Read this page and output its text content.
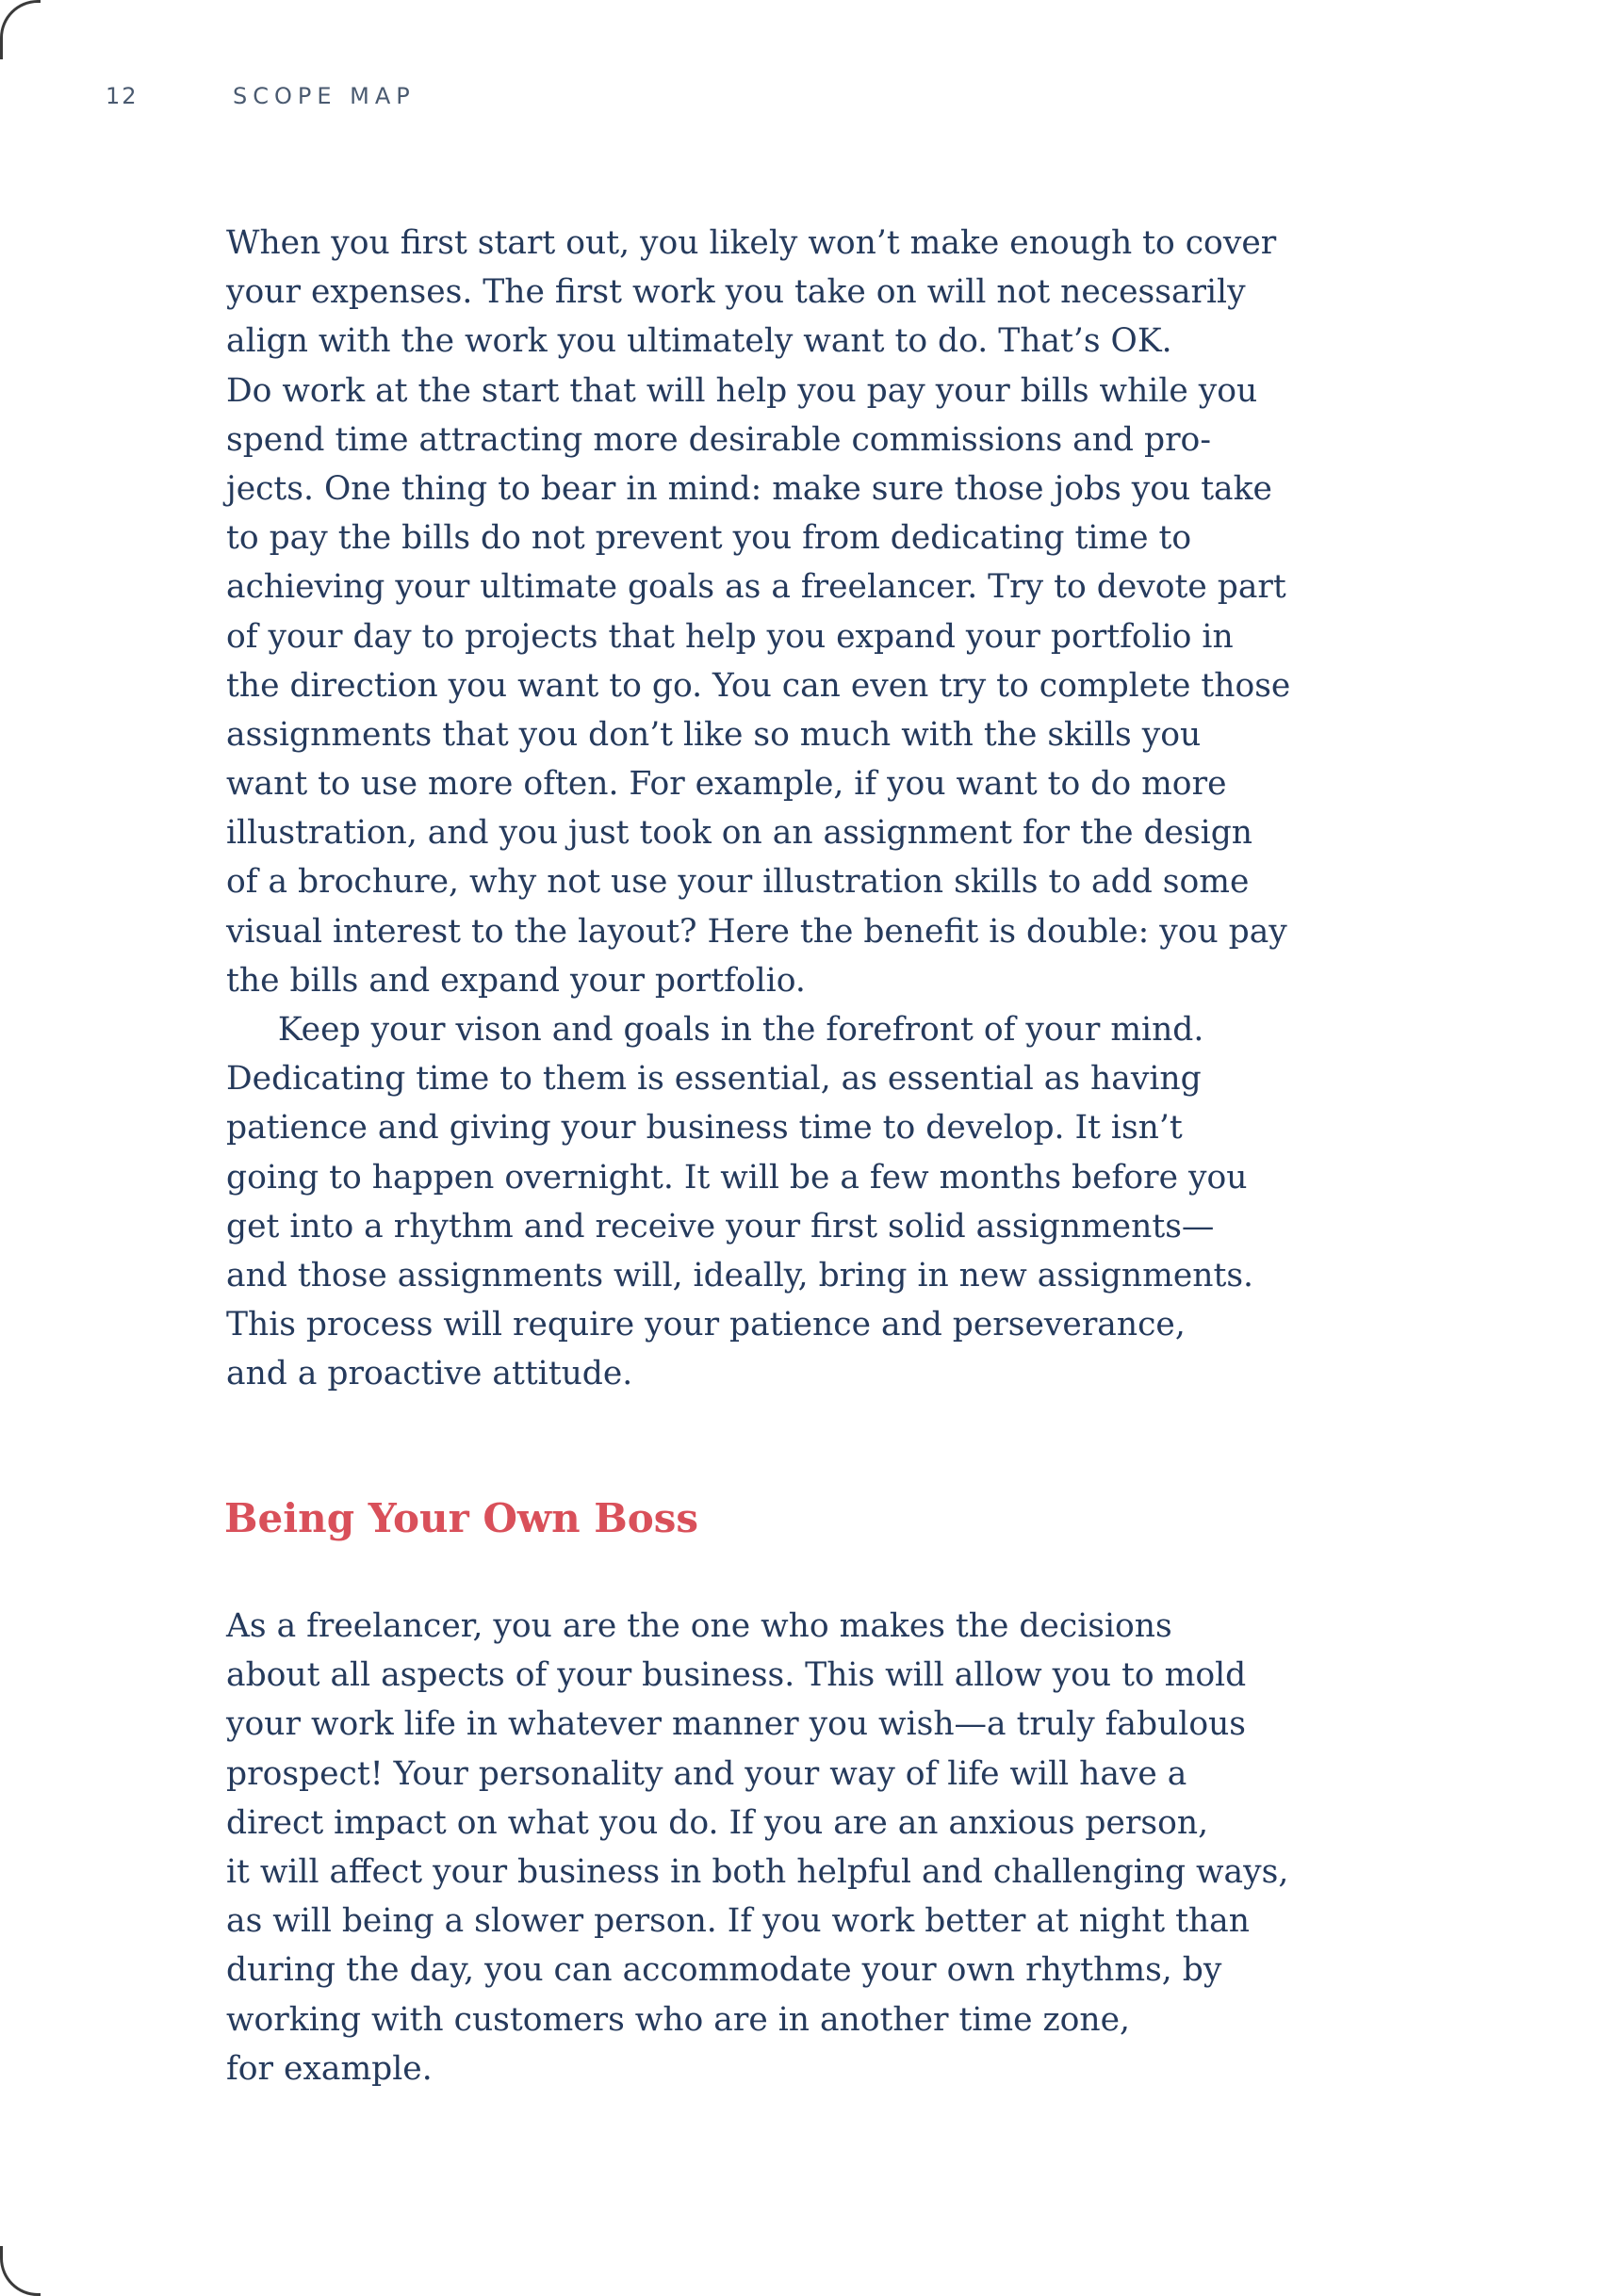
12	SCOPE MAP
When you first start out, you likely won’t make enough to cover
your expenses. The first work you take on will not necessarily
align with the work you ultimately want to do. That’s OK.
Do work at the start that will help you pay your bills while you
spend time attracting more desirable commissions and pro-
jects. One thing to bear in mind: make sure those jobs you take
to pay the bills do not prevent you from dedicating time to
achieving your ultimate goals as a freelancer. Try to devote part
of your day to projects that help you expand your portfolio in
the direction you want to go. You can even try to complete those
assignments that you don’t like so much with the skills you
want to use more often. For example, if you want to do more
illustration, and you just took on an assignment for the design
of a brochure, why not use your illustration skills to add some
visual interest to the layout? Here the benefit is double: you pay
the bills and expand your portfolio.
Keep your vison and goals in the forefront of your mind.
Dedicating time to them is essential, as essential as having
patience and giving your business time to develop. It isn’t
going to happen overnight. It will be a few months before you
get into a rhythm and receive your first solid assignments—
and those assignments will, ideally, bring in new assignments.
This process will require your patience and perseverance,
and a proactive attitude.
Being Your Own Boss
As a freelancer, you are the one who makes the decisions
about all aspects of your business. This will allow you to mold
your work life in whatever manner you wish—a truly fabulous
prospect! Your personality and your way of life will have a
direct impact on what you do. If you are an anxious person,
it will affect your business in both helpful and challenging ways,
as will being a slower person. If you work better at night than
during the day, you can accommodate your own rhythms, by
working with customers who are in another time zone,
for example.
